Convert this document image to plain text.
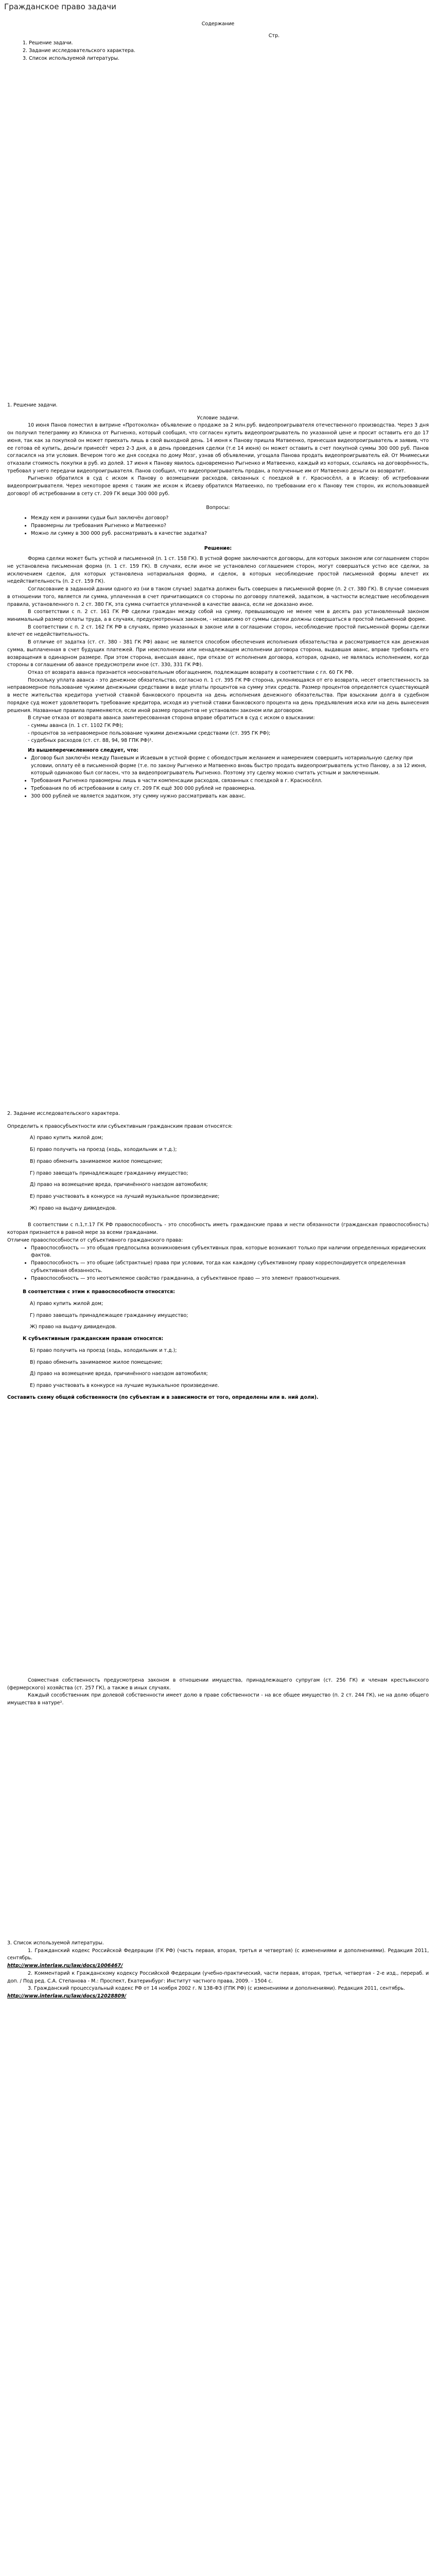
Гражданское право задачи

Содержание

Стр.

1. Решение задачи.

2. Задание исследовательского характера.

3. Список используемой литературы.

1. Решение задачи.

Условие задачи.

10 июня Панов поместил в витрине «Протоколка» объявление о продаже за 2 млн.руб. видеопроигрывателя отечественного производства. Через 3 дня он получил телеграмму из Клинска от Рыгненко, который сообщил, что согласен купить видеопроигрыватель по указанной цене и просит оставить его до 17 июня, так как за покупкой он может приехать лишь в свой выходной день. 14 июня к Панову пришла Матвеенко, принесшая видеопроигрыватель и заявив, что ее готова её купить, деньги принесёт через 2-3 дня, а в день проведения сделки (т.е 14 июня) он может оставить в счет покупной суммы 300 000 руб. Панов согласился на эти условия. Вечером того же дня соседка по дому Мозг, узнав об объявлении, угощала Панова продать видеопроигрыватель ей. От Мнимеськи отказали стоимость покупки в руб. из долей. 17 июня к Панову явилось одновременно Рыгненко и Матвеенко, каждый из которых, ссылаясь на договорённость, требовал у него передачи видеопроигрывателя. Панов сообщил, что видеопроигрыватель продан, а полученные им от Матвеенко деньги он возвратит.

Рыгненко обратился в суд с иском к Панову о возмещении расходов, связанных с поездкой в г. Красносёлл, а в Исаеву: об истребовании видеопроигрывателя. Через некоторое время с таким же иском к Исаеву обратился Матвеенко, по требовании его к Панову тем сторон, их использовавшей договор! об истребовании в сету ст. 209 ГК вещи 300 000 руб.

Вопросы:

• Между кем и ранними судьи был заключён договор?
• Правомерны ли требования Рыгненко и Матвеенко?
• Можно ли сумму в 300 000 руб. рассматривать в качестве задатка?

Решение:

Форма сделки может быть устной и письменной (п. 1 ст. 158 ГК). В устной форме заключаются договоры, для которых законом или соглашением сторон не установлена письменная форма (п. 1 ст. 159 ГК). В случаях, если иное не установлено соглашением сторон, могут совершаться устно все сделки, за исключением сделок, для которых установлена нотариальная форма, и сделок, в которых несоблюдение простой письменной формы влечет их недействительность (п. 2 ст. 159 ГК).

Согласование в заданной дании одного из (ни в таком случае) задатка должен быть совершен в письменной форме (п. 2 ст. 380 ГК). В случае сомнения в отношении того, является ли сумма, уплаченная в счет причитающихся со стороны по договору платежей, задатком, в частности вследствие несоблюдения правила, установленного п. 2 ст. 380 ГК, эта сумма считается уплаченной в качестве аванса, если не доказано иное.

В соответствии с п. 2 ст. 161 ГК РФ сделки граждан между собой на сумму, превышающую не менее чем в десять раз установленный законом минимальный размер оплаты труда, а в случаях, предусмотренных законом, - независимо от суммы сделки должны совершаться в простой письменной форме.

В соответствии с п. 2 ст. 162 ГК РФ в случаях, прямо указанных в законе или в соглашении сторон, несоблюдение простой письменной формы сделки влечет ее недействительность.

В отличие от задатка (ст. ст. 380 - 381 ГК РФ) аванс не является способом обеспечения исполнения обязательства и рассматривается как денежная сумма, выплаченная в счет будущих платежей. При неисполнении или ненадлежащем исполнении договора сторона, выдавшая аванс, вправе требовать его возвращения в одинарном размере. При этом сторона, внесшая аванс, при отказе от исполнения договора, которая, однако, не являлась исполнением, когда стороны в соглашении об авансе предусмотрели иное (ст. 330, 331 ГК РФ).

Отказ от возврата аванса признается неосновательным обогащением, подлежащим возврату в соответствии с гл. 60 ГК РФ.

Поскольку уплата аванса - это денежное обязательство, согласно п. 1 ст. 395 ГК РФ сторона, уклоняющаяся от его возврата, несет ответственность за неправомерное пользование чужими денежными средствами в виде уплаты процентов на сумму этих средств. Размер процентов определяется существующей в месте жительства кредитора учетной ставкой банковского процента на день исполнения денежного обязательства. При взыскании долга в судебном порядке суд может удовлетворить требование кредитора, исходя из учетной ставки банковского процента на день предъявления иска или на день вынесения решения. Названные правила применяются, если иной размер процентов не установлен законом или договором.

В случае отказа от возврата аванса заинтересованная сторона вправе обратиться в суд с иском о взыскании:

- суммы аванса (п. 1 ст. 1102 ГК РФ);

- процентов за неправомерное пользование чужими денежными средствами (ст. 395 ГК РФ);

- судебных расходов (ст. ст. 88, 94, 98 ГПК РФ)¹.

Из вышеперечисленного следует, что:

• Договор был заключён между Паневым и Исаевым в устной форме с обоюдострым желанием и намерением совершить нотариальную сделку при условии, оплату её в письменной форме (т.е. по закону Рыгненко и Матвеенко вновь быстро продать видеопроигрыватель устно Панову, а за 12 июня, который одинаково был согласен, что за видеопроигрыватель Рыгненко. Поэтому эту сделку можно считать устным и заключенным.
• Требования Рыгненко правомерны лишь в части компенсации расходов, связанных с поездкой в г. Красносёлл.
• Требования по об истребовании в силу ст. 209 ГК ещё 300 000 рублей не правомерна.
• 300 000 рублей не является задатком, эту сумму нужно рассматривать как аванс.

2. Задание исследовательского характера.

Определить к правосубъектности или субъективным гражданским правам относятся:

А) право купить жилой дом;

Б) право получить на проезд (ходь, холодильник и т.д.);

В) право обменить занимаемое жилое помещение;

Г) право завещать принадлежащее гражданину имущество;

Д) право на возмещение вреда, причинённого наездом автомобиля;

Е) право участвовать в конкурсе на лучший музыкальное произведение;

Ж) право на выдачу дивидендов.

В соответствии с п.1,т.17 ГК РФ правоспособность - это способность иметь гражданские права и нести обязанности (гражданская правоспособность) которая признается в равной мере за всеми гражданами.

Отличие правоспособности от субъективного гражданского права:

• Правоспособность — это общая предпосылка возникновения субъективных прав, которые возникают только при наличии определенных юридических фактов.
• Правоспособность — это общие (абстрактные) права при условии, тогда как каждому субъективному праву корреспондируется определенная субъективная обязанность.
• Правоспособность — это неотъемлемое свойство гражданина, а субъективное право — это элемент правоотношения.

В соответствии с этим к правоспособности относятся:

А) право купить жилой дом;

Г) право завещать принадлежащее гражданину имущество;

Ж) право на выдачу дивидендов.

К субъективным гражданским правам относятся:

Б) право получить на проезд (ходь, холодильник и т.д.);

В) право обменить занимаемое жилое помещение;

Д) право на возмещение вреда, причинённого наездом автомобиля;

Е) право участвовать в конкурсе на лучшие музыкальное произведение.

Составить схему общей собственности (по субъектам и в зависимости от того, определены или в. ний доли).

Совместная собственность предусмотрена законом в отношении имущества, принадлежащего супругам (ст. 256 ГК) и членам крестьянского (фермерского) хозяйства (ст. 257 ГК), а также в иных случаях.

Каждый сособственник при долевой собственности имеет долю в праве собственности - на все общее имущество (п. 2 ст. 244 ГК), не на долю общего имущества в натуре².

3. Список используемой литературы.

1. Гражданский кодекс Российской Федерации (ГК РФ) (часть первая, вторая, третья и четвертая) (с изменениями и дополнениями). Редакция 2011, сентябрь.

http://www.interlaw.ru/law/docs/1006467/

2. Комментарий к Гражданскому кодексу Российской Федерации (учебно-практический, части первая, вторая, третья, четвертая - 2-е изд., перераб. и доп. / Под ред. С.А. Степанова - М.: Проспект, Екатеринбург: Институт частного права, 2009. - 1504 с.

3. Гражданский процессуальный кодекс РФ от 14 ноября 2002 г. N 138-ФЗ (ГПК РФ) (с изменениями и дополнениями). Редакция 2011, сентябрь.

http://www.interlaw.ru/law/docs/12028809/
